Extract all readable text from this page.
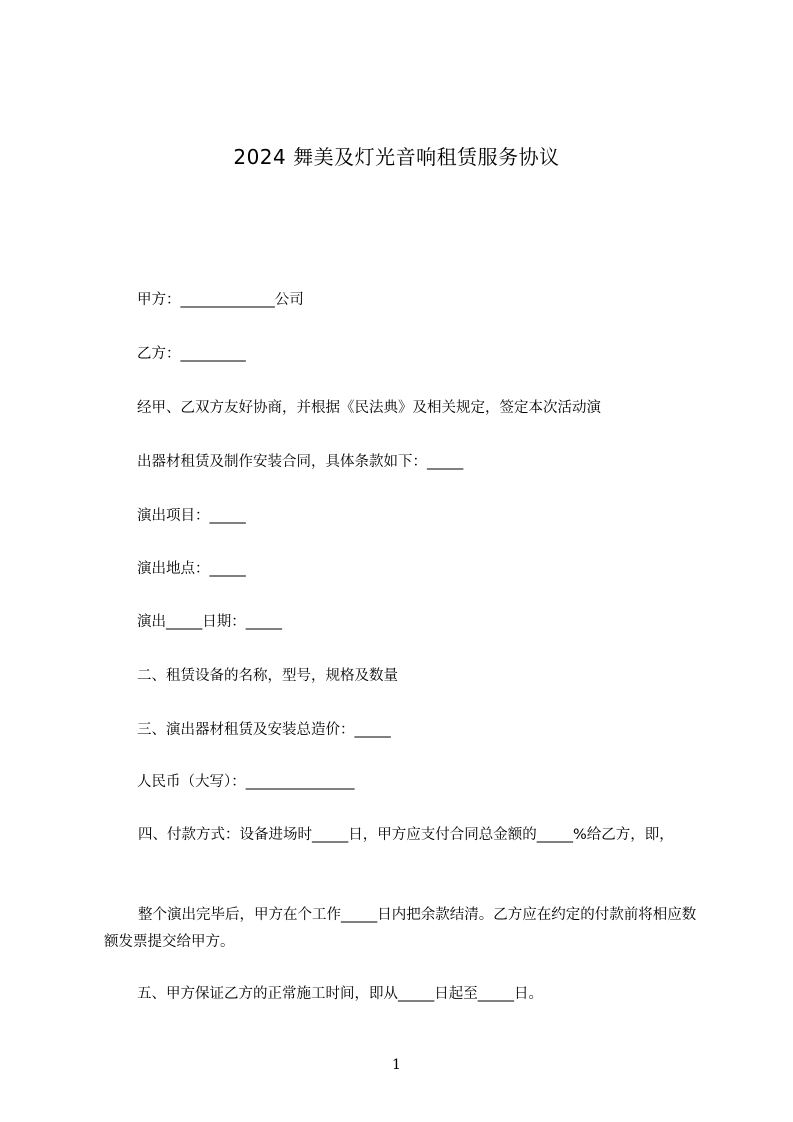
2024 舞美及灯光音响租赁服务协议
甲方：_____________公司
乙方：_________
经甲、乙双方友好协商，并根据《民法典》及相关规定，签定本次活动演
出器材租赁及制作安装合同，具体条款如下：_____
演出项目：_____
演出地点：_____
演出_____日期：_____
二、租赁设备的名称，型号，规格及数量
三、演出器材租赁及安装总造价：_____
人民币（大写）：_______________
四、付款方式：设备进场时_____日，甲方应支付合同总金额的_____%给乙方，即，
整个演出完毕后，甲方在个工作_____日内把余款结清。乙方应在约定的付款前将相应数额发票提交给甲方。
五、甲方保证乙方的正常施工时间，即从_____日起至_____日。
1
